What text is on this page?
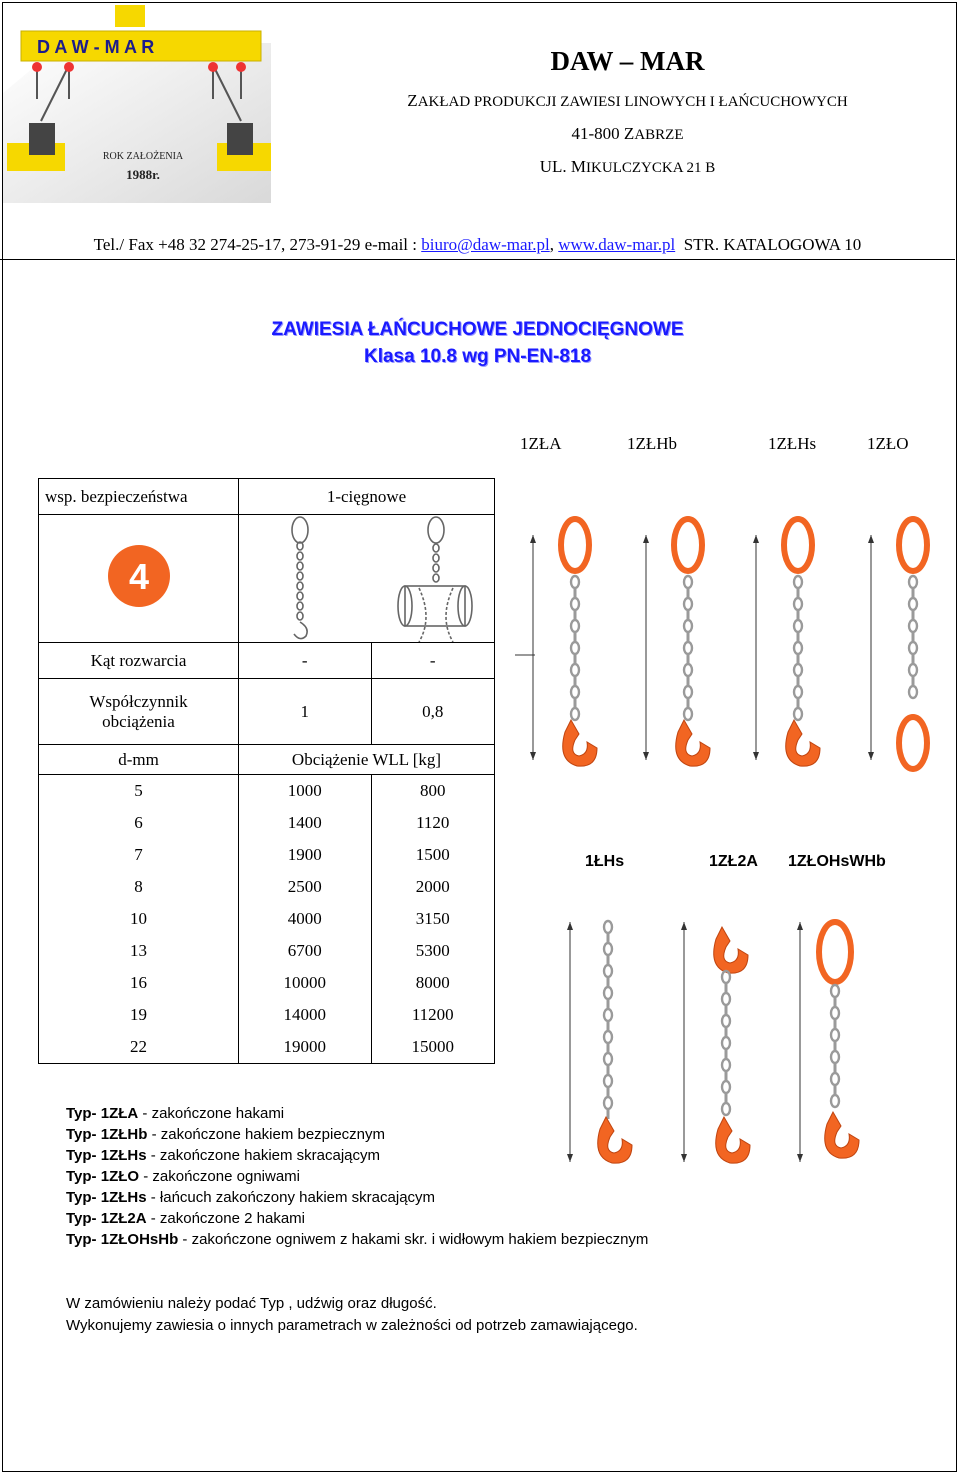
D A W - M A R
ROK ZAŁOŻENIA
1988r.
DAW – MAR
ZAKŁAD PRODUKCJI ZAWIESI LINOWYCH I ŁAŃCUCHOWYCH
41-800 ZABRZE
UL. MIKULCZYCKA 21 B
Tel./ Fax +48 32 274-25-17, 273-91-29 e-mail : biuro@daw-mar.pl, www.daw-mar.pl STR. KATALOGOWA 10
ZAWIESIA ŁAŃCUCHOWE JEDNOCIĘGNOWE
Klasa 10.8 wg PN-EN-818
1ZŁA	1ZŁHb	1ZŁHs	1ZŁO
wsp. bezpieczeństwa	1-cięgnowe	

4

Kąt rozwarcia	-	-

Współczynnik
obciążenia	1	0,8
d-mm	Obciążenie WLL [kg]	
5	1000	800
6	1400	1120
7	1900	1500
8	2500	2000
10	4000	3150
13	6700	5300
16	10000	8000
19	14000	11200
22	19000	15000
1ŁHs	1ZŁ2A 1ZŁOHsWHb
Typ- 1ZŁA - zakończone hakami
Typ- 1ZŁHb - zakończone hakiem bezpiecznym
Typ- 1ZŁHs - zakończone hakiem skracającym
Typ- 1ZŁO - zakończone ogniwami
Typ- 1ZŁHs - łańcuch zakończony hakiem skracającym
Typ- 1ZŁ2A - zakończone 2 hakami
Typ- 1ZŁOHsHb - zakończone ogniwem z hakami skr. i widłowym hakiem bezpiecznym
W zamówieniu należy podać Typ , udźwig oraz długość.
Wykonujemy zawiesia o innych parametrach w zależności od potrzeb zamawiającego.
